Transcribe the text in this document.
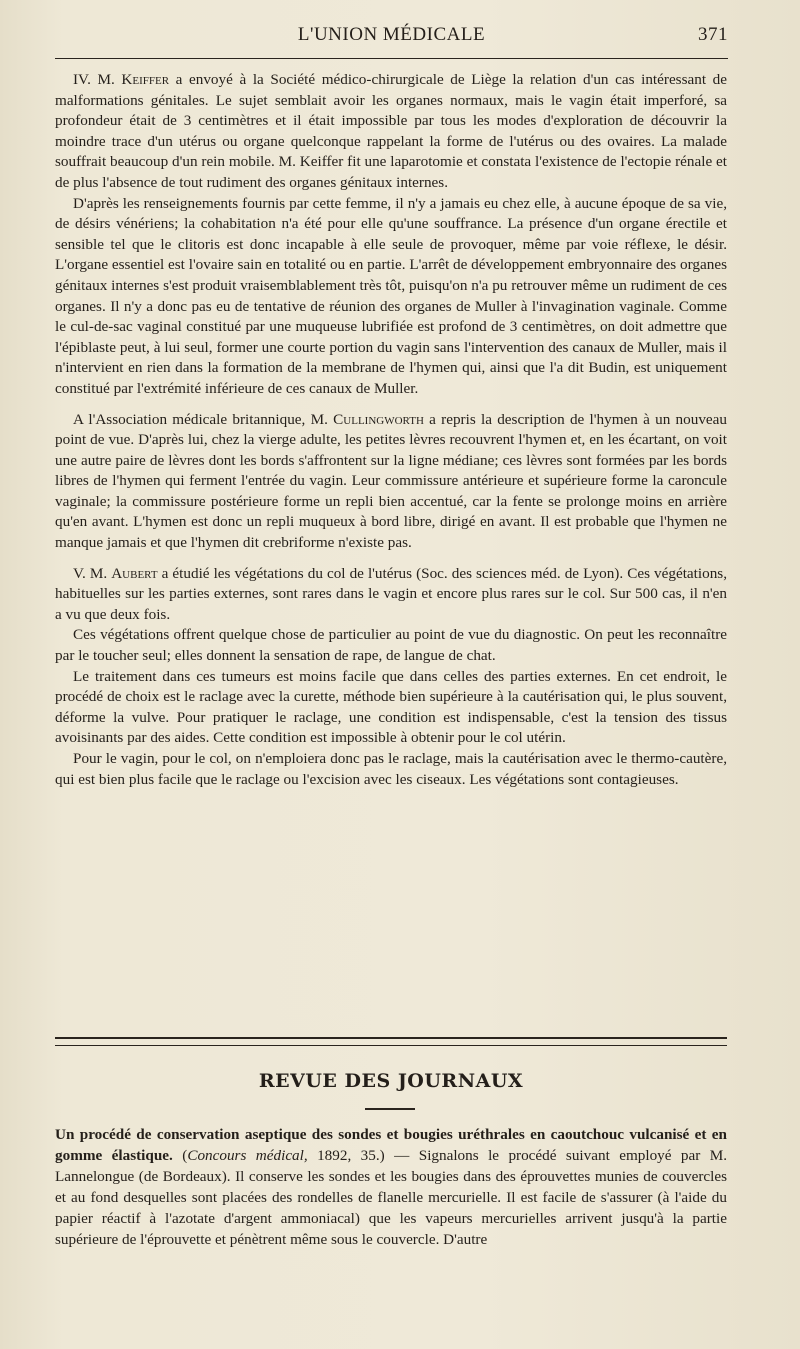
L'UNION MÉDICALE	371

IV. M. Keiffer a envoyé à la Société médico-chirurgicale de Liège la relation d'un cas intéressant de malformations génitales. Le sujet semblait avoir les organes normaux, mais le vagin était imperforé, sa profondeur était de 3 centimètres et il était impossible par tous les modes d'exploration de découvrir la moindre trace d'un utérus ou organe quelconque rappelant la forme de l'utérus ou des ovaires. La malade souffrait beaucoup d'un rein mobile. M. Keiffer fit une laparotomie et constata l'existence de l'ectopie rénale et de plus l'absence de tout rudiment des organes génitaux internes.

D'après les renseignements fournis par cette femme, il n'y a jamais eu chez elle, à aucune époque de sa vie, de désirs vénériens; la cohabitation n'a été pour elle qu'une souffrance. La présence d'un organe érectile et sensible tel que le clitoris est donc incapable à elle seule de provoquer, même par voie réflexe, le désir. L'organe essentiel est l'ovaire sain en totalité ou en partie. L'arrêt de développement embryonnaire des organes génitaux internes s'est produit vraisemblablement très tôt, puisqu'on n'a pu retrouver même un rudiment de ces organes. Il n'y a donc pas eu de tentative de réunion des organes de Muller à l'invagination vaginale. Comme le cul-de-sac vaginal constitué par une muqueuse lubrifiée est profond de 3 centimètres, on doit admettre que l'épiblaste peut, à lui seul, former une courte portion du vagin sans l'intervention des canaux de Muller, mais il n'intervient en rien dans la formation de la membrane de l'hymen qui, ainsi que l'a dit Budin, est uniquement constitué par l'extrémité inférieure de ces canaux de Muller.

A l'Association médicale britannique, M. Cullingworth a repris la description de l'hymen à un nouveau point de vue. D'après lui, chez la vierge adulte, les petites lèvres recouvrent l'hymen et, en les écartant, on voit une autre paire de lèvres dont les bords s'affrontent sur la ligne médiane; ces lèvres sont formées par les bords libres de l'hymen qui ferment l'entrée du vagin. Leur commissure antérieure et supérieure forme la caroncule vaginale; la commissure postérieure forme un repli bien accentué, car la fente se prolonge moins en arrière qu'en avant. L'hymen est donc un repli muqueux à bord libre, dirigé en avant. Il est probable que l'hymen ne manque jamais et que l'hymen dit crebriforme n'existe pas.

V. M. Aubert a étudié les végétations du col de l'utérus (Soc. des sciences méd. de Lyon). Ces végétations, habituelles sur les parties externes, sont rares dans le vagin et encore plus rares sur le col. Sur 500 cas, il n'en a vu que deux fois.

Ces végétations offrent quelque chose de particulier au point de vue du diagnostic. On peut les reconnaître par le toucher seul; elles donnent la sensation de rape, de langue de chat.

Le traitement dans ces tumeurs est moins facile que dans celles des parties externes. En cet endroit, le procédé de choix est le raclage avec la curette, méthode bien supérieure à la cautérisation qui, le plus souvent, déforme la vulve. Pour pratiquer le raclage, une condition est indispensable, c'est la tension des tissus avoisinants par des aides. Cette condition est impossible à obtenir pour le col utérin.

Pour le vagin, pour le col, on n'emploiera donc pas le raclage, mais la cautérisation avec le thermo-cautère, qui est bien plus facile que le raclage ou l'excision avec les ciseaux. Les végétations sont contagieuses.

REVUE DES JOURNAUX

Un procédé de conservation aseptique des sondes et bougies uréthrales en caoutchouc vulcanisé et en gomme élastique. (Concours médical, 1892, 35.) — Signalons le procédé suivant employé par M. Lannelongue (de Bordeaux). Il conserve les sondes et les bougies dans des éprouvettes munies de couvercles et au fond desquelles sont placées des rondelles de flanelle mercurielle. Il est facile de s'assurer (à l'aide du papier réactif à l'azotate d'argent ammoniacal) que les vapeurs mercurielles arrivent jusqu'à la partie supérieure de l'éprouvette et pénètrent même sous le couvercle. D'autre
